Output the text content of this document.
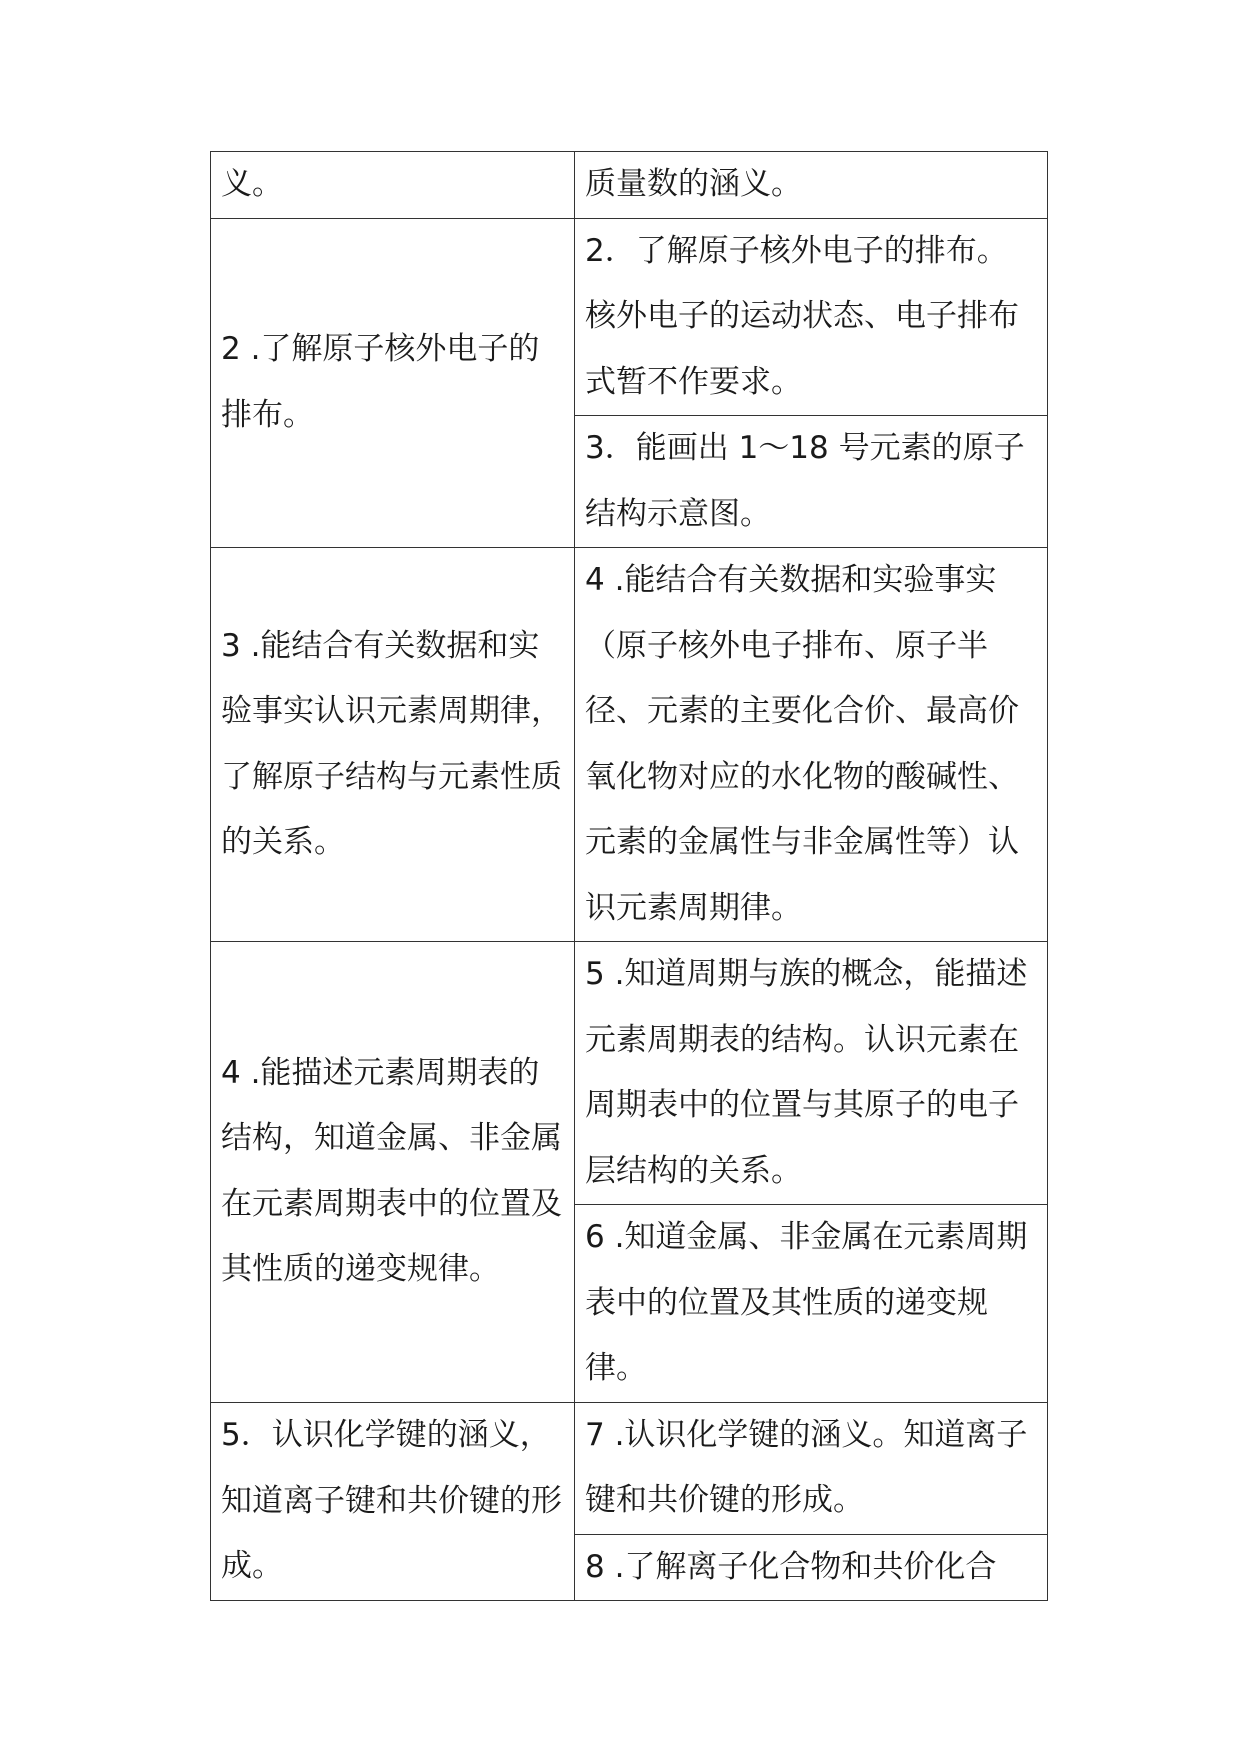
义。	质量数的涵义。

2 .了解原子核外电子的排布。	2．了解原子核外电子的排布。核外电子的运动状态、电子排布式暂不作要求。

	3．能画出 1～18 号元素的原子结构示意图。

3 .能结合有关数据和实验事实认识元素周期律，了解原子结构与元素性质的关系。	4 .能结合有关数据和实验事实（原子核外电子排布、原子半径、元素的主要化合价、最高价氧化物对应的水化物的酸碱性、元素的金属性与非金属性等）认识元素周期律。

4 .能描述元素周期表的结构，知道金属、非金属在元素周期表中的位置及其性质的递变规律。	5 .知道周期与族的概念，能描述元素周期表的结构。认识元素在周期表中的位置与其原子的电子层结构的关系。

	6 .知道金属、非金属在元素周期表中的位置及其性质的递变规律。

5．认识化学键的涵义，知道离子键和共价键的形成。	7 .认识化学键的涵义。知道离子键和共价键的形成。

	8 .了解离子化合物和共价化合
